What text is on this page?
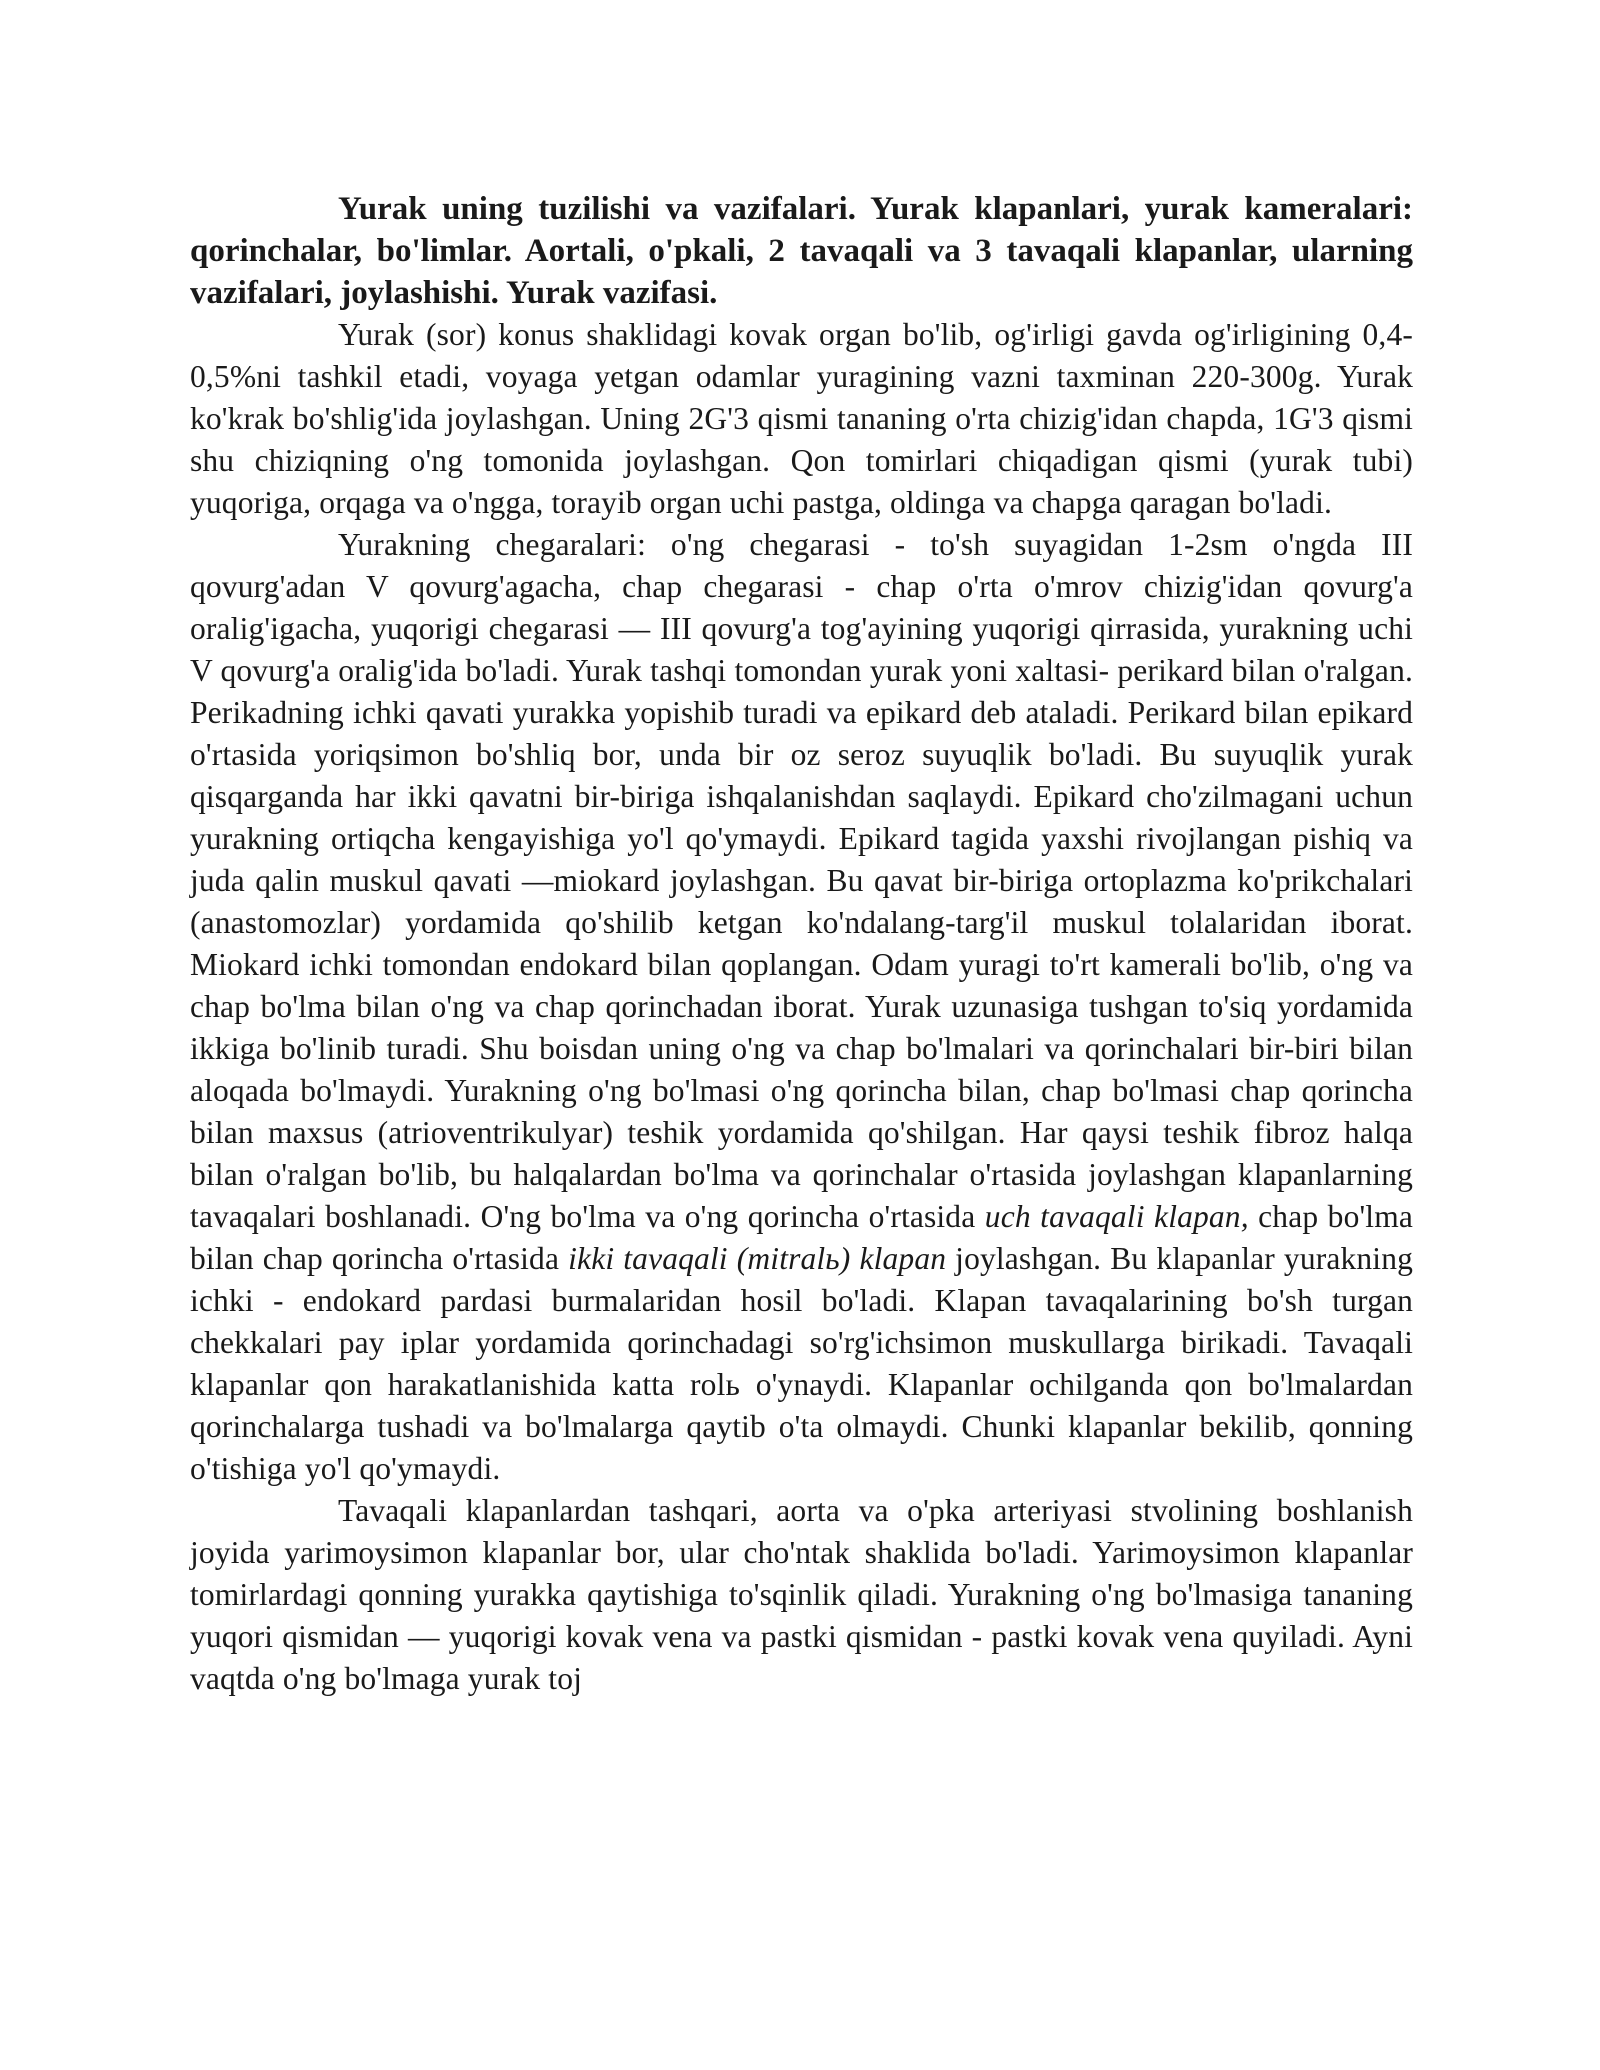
Yurak uning tuzilishi va vazifalari. Yurak klapanlari, yurak kameralari: qorinchalar, bo'limlar. Aortali, o'pkali, 2 tavaqali va 3 tavaqali klapanlar, ularning vazifalari, joylashishi. Yurak vazifasi.

Yurak (sor) konus shaklidagi kovak organ bo'lib, og'irligi gavda og'irligining 0,4-0,5%ni tashkil etadi, voyaga yetgan odamlar yuragining vazni taxminan 220-300g. Yurak ko'krak bo'shlig'ida joylashgan. Uning 2G'3 qismi tananing o'rta chizig'idan chapda, 1G'3 qismi shu chiziqning o'ng tomonida joylashgan. Qon tomirlari chiqadigan qismi (yurak tubi) yuqoriga, orqaga va o'ngga, torayib organ uchi pastga, oldinga va chapga qaragan bo'ladi.

Yurakning chegaralari: o'ng chegarasi - to'sh suyagidan 1-2sm o'ngda III qovurg'adan V qovurg'agacha, chap chegarasi - chap o'rta o'mrov chizig'idan qovurg'a oralig'igacha, yuqorigi chegarasi — III qovurg'a tog'ayining yuqorigi qirrasida, yurakning uchi V qovurg'a oralig'ida bo'ladi. Yurak tashqi tomondan yurak yoni xaltasi- perikard bilan o'ralgan. Perikadning ichki qavati yurakka yopishib turadi va epikard deb ataladi. Perikard bilan epikard o'rtasida yoriqsimon bo'shliq bor, unda bir oz seroz suyuqlik bo'ladi. Bu suyuqlik yurak qisqarganda har ikki qavatni bir-biriga ishqalanishdan saqlaydi. Epikard cho'zilmagani uchun yurakning ortiqcha kengayishiga yo'l qo'ymaydi. Epikard tagida yaxshi rivojlangan pishiq va juda qalin muskul qavati —miokard joylashgan. Bu qavat bir-biriga ortoplazma ko'prikchalari (anastomozlar) yordamida qo'shilib ketgan ko'ndalang-targ'il muskul tolalaridan iborat. Miokard ichki tomondan endokard bilan qoplangan. Odam yuragi to'rt kamerali bo'lib, o'ng va chap bo'lma bilan o'ng va chap qorinchadan iborat. Yurak uzunasiga tushgan to'siq yordamida ikkiga bo'linib turadi. Shu boisdan uning o'ng va chap bo'lmalari va qorinchalari bir-biri bilan aloqada bo'lmaydi. Yurakning o'ng bo'lmasi o'ng qorincha bilan, chap bo'lmasi chap qorincha bilan maxsus (atrioventrikulyar) teshik yordamida qo'shilgan. Har qaysi teshik fibroz halqa bilan o'ralgan bo'lib, bu halqalardan bo'lma va qorinchalar o'rtasida joylashgan klapanlarning tavaqalari boshlanadi. O'ng bo'lma va o'ng qorincha o'rtasida uch tavaqali klapan, chap bo'lma bilan chap qorincha o'rtasida ikki tavaqali (mitralь) klapan joylashgan. Bu klapanlar yurakning ichki - endokard pardasi burmalaridan hosil bo'ladi. Klapan tavaqalarining bo'sh turgan chekkalari pay iplar yordamida qorinchadagi so'rg'ichsimon muskullarga birikadi. Tavaqali klapanlar qon harakatlanishida katta rolь o'ynaydi. Klapanlar ochilganda qon bo'lmalardan qorinchalarga tushadi va bo'lmalarga qaytib o'ta olmaydi. Chunki klapanlar bekilib, qonning o'tishiga yo'l qo'ymaydi.

Tavaqali klapanlardan tashqari, aorta va o'pka arteriyasi stvolining boshlanish joyida yarimoysimon klapanlar bor, ular cho'ntak shaklida bo'ladi. Yarimoysimon klapanlar tomirlardagi qonning yurakka qaytishiga to'sqinlik qiladi. Yurakning o'ng bo'lmasiga tananing yuqori qismidan — yuqorigi kovak vena va pastki qismidan - pastki kovak vena quyiladi. Ayni vaqtda o'ng bo'lmaga yurak toj
